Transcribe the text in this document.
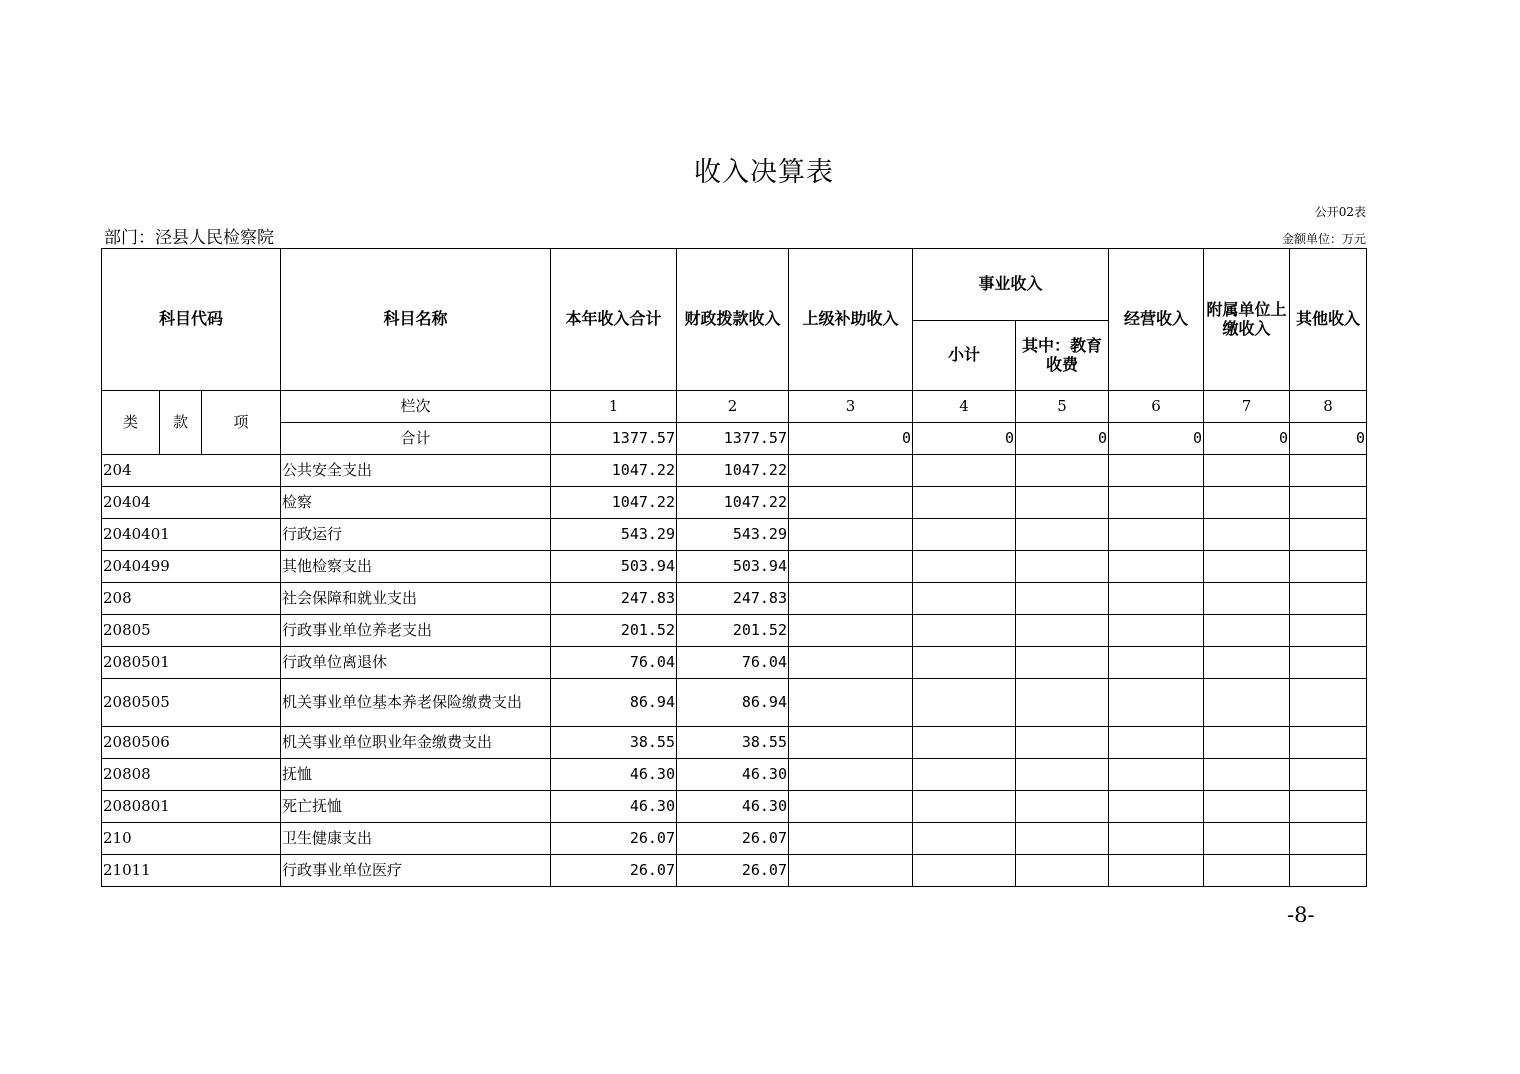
收入决算表
公开02表
部门：泾县人民检察院	金额单位：万元
科目代码			科目名称	本年收入合计	财政拨款收入	上级补助收入	事业收入		经营收入	附属单位上缴收入	其他收入
							小计	其中：教育收费			
类	款	项	栏次	1	2	3	4	5	6	7	8
			合计	1377.57	1377.57	0	0	0	0	0	0
204			公共安全支出	1047.22	1047.22						
20404			检察	1047.22	1047.22						
2040401			行政运行	543.29	543.29						
2040499			其他检察支出	503.94	503.94						
208			社会保障和就业支出	247.83	247.83						
20805			行政事业单位养老支出	201.52	201.52						
2080501			行政单位离退休	76.04	76.04						
2080505			机关事业单位基本养老保险缴费支出	86.94	86.94						
2080506			机关事业单位职业年金缴费支出	38.55	38.55						
20808			抚恤	46.30	46.30						
2080801			死亡抚恤	46.30	46.30						
210			卫生健康支出	26.07	26.07						
21011			行政事业单位医疗	26.07	26.07						
-8-
